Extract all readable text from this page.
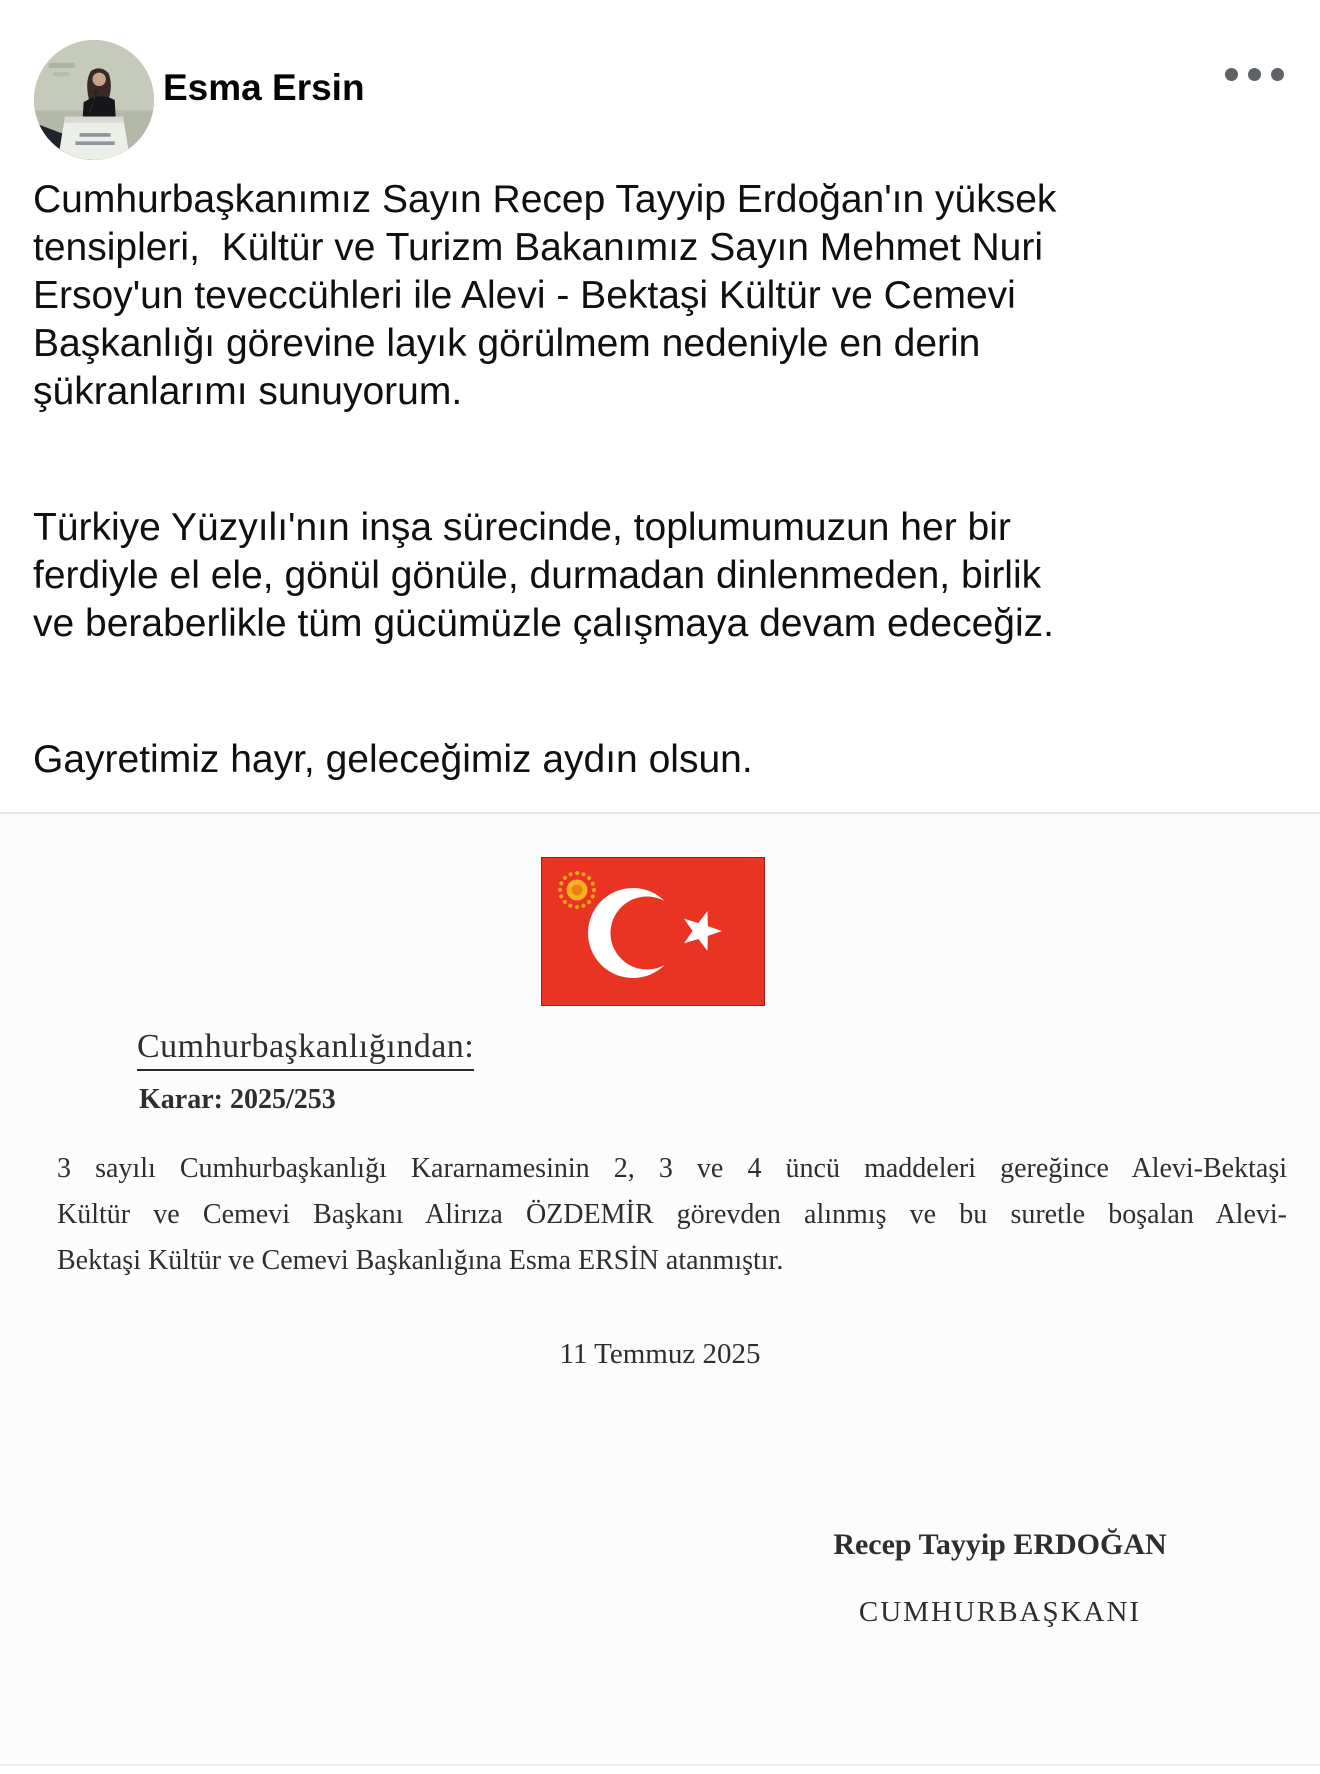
Esma Ersin
Cumhurbaşkanımız Sayın Recep Tayyip Erdoğan'ın yüksek
tensipleri,  Kültür ve Turizm Bakanımız Sayın Mehmet Nuri
Ersoy'un teveccühleri ile Alevi - Bektaşi Kültür ve Cemevi
Başkanlığı görevine layık görülmem nedeniyle en derin
şükranlarımı sunuyorum.
Türkiye Yüzyılı'nın inşa sürecinde, toplumumuzun her bir
ferdiyle el ele, gönül gönüle, durmadan dinlenmeden, birlik
ve beraberlikle tüm gücümüzle çalışmaya devam edeceğiz.
Gayretimiz hayr, geleceğimiz aydın olsun.
Cumhurbaşkanlığından:
Karar: 2025/253
3 sayılı Cumhurbaşkanlığı Kararnamesinin 2, 3 ve 4 üncü maddeleri gereğince Alevi-Bektaşi
Kültür ve Cemevi Başkanı Alirıza ÖZDEMİR görevden alınmış ve bu suretle boşalan Alevi-
Bektaşi Kültür ve Cemevi Başkanlığına Esma ERSİN atanmıştır.
11 Temmuz 2025
Recep Tayyip ERDOĞAN
CUMHURBAŞKANI
